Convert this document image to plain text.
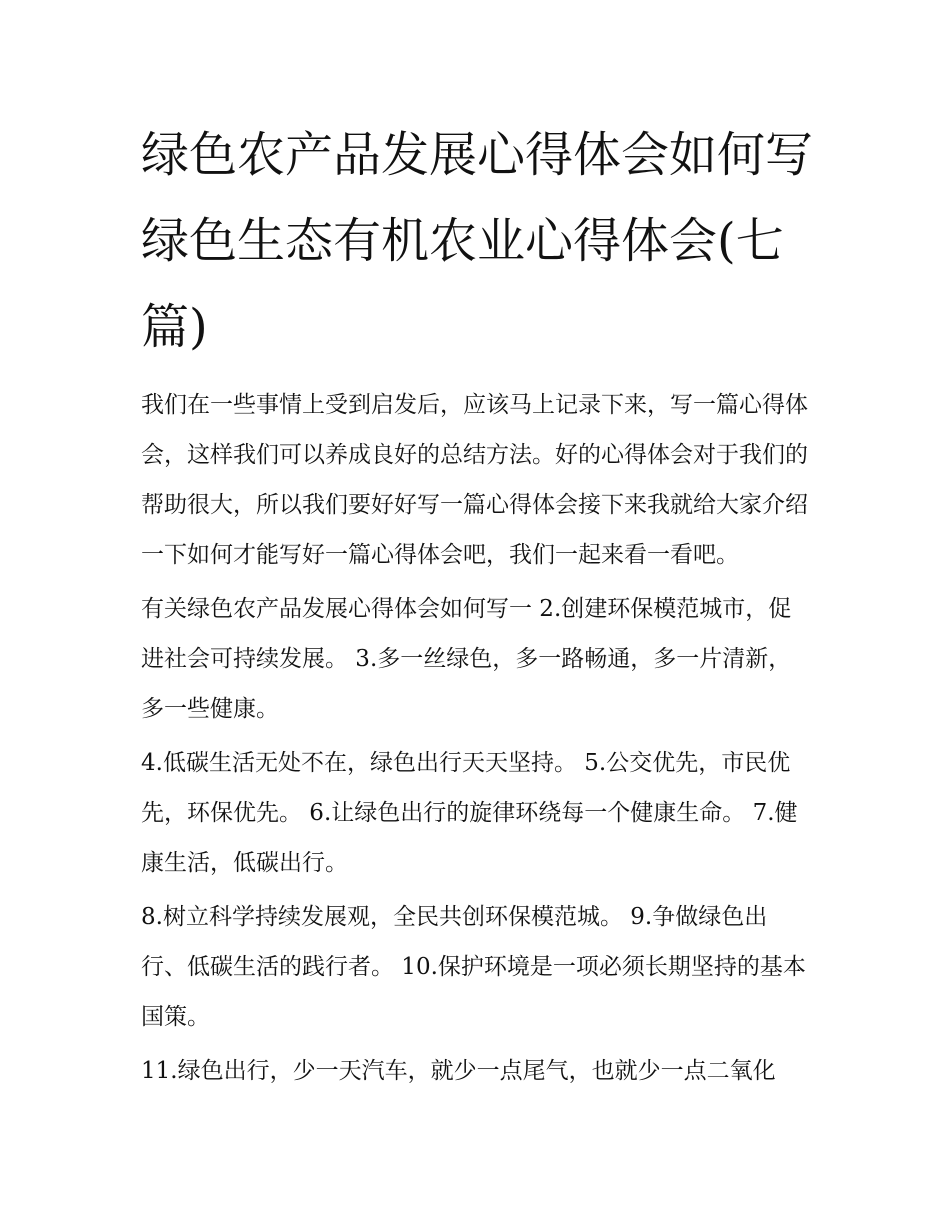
绿色农产品发展心得体会如何写 绿色生态有机农业心得体会(七篇)

我们在一些事情上受到启发后，应该马上记录下来，写一篇心得体会，这样我们可以养成良好的总结方法。好的心得体会对于我们的帮助很大，所以我们要好好写一篇心得体会接下来我就给大家介绍一下如何才能写好一篇心得体会吧，我们一起来看一看吧。

有关绿色农产品发展心得体会如何写一 2.创建环保模范城市，促进社会可持续发展。 3.多一丝绿色，多一路畅通，多一片清新，多一些健康。

4.低碳生活无处不在，绿色出行天天坚持。 5.公交优先，市民优先，环保优先。 6.让绿色出行的旋律环绕每一个健康生命。 7.健康生活，低碳出行。

8.树立科学持续发展观，全民共创环保模范城。 9.争做绿色出行、低碳生活的践行者。 10.保护环境是一项必须长期坚持的基本国策。

11.绿色出行，少一天汽车，就少一点尾气，也就少一点二氧化
